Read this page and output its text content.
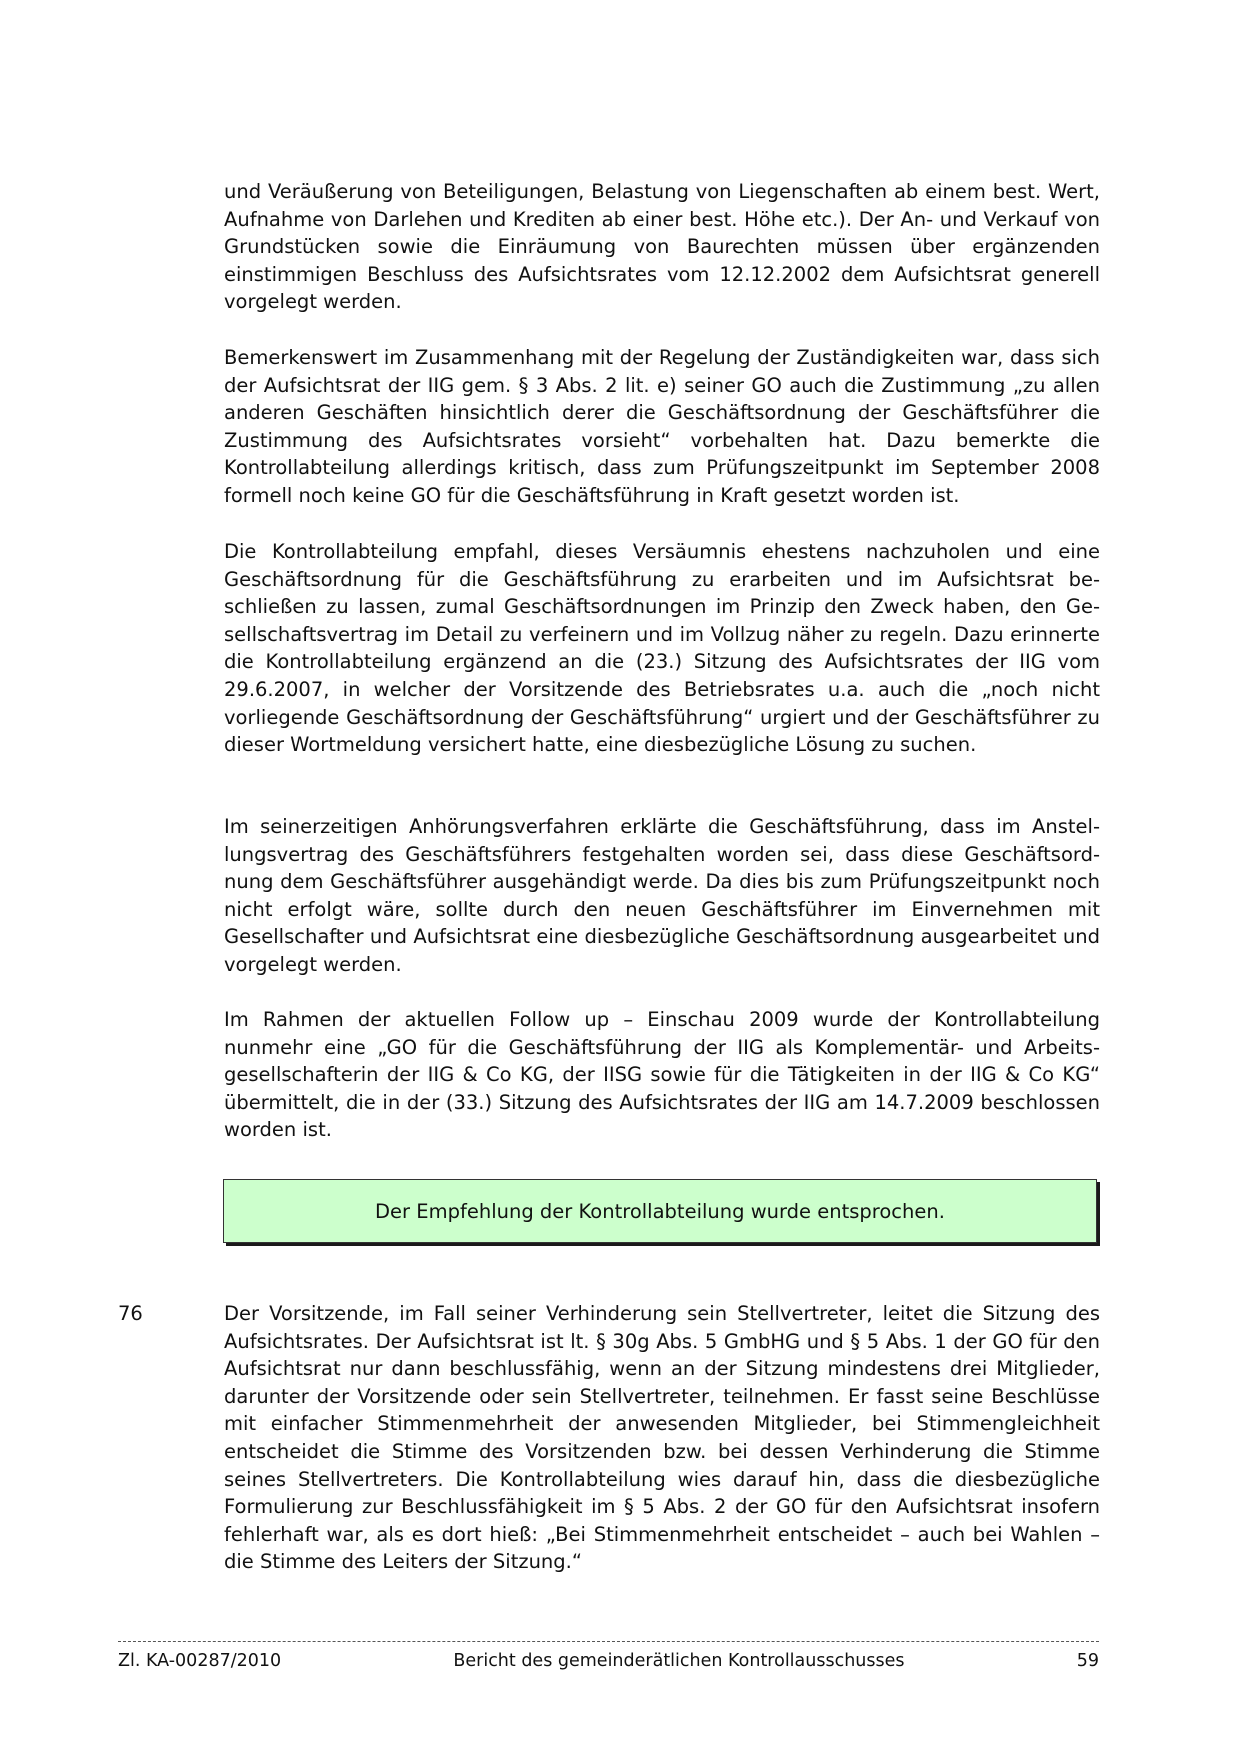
und Veräußerung von Beteiligungen, Belastung von Liegenschaften ab einem best. Wert, Aufnahme von Darlehen und Krediten ab einer best. Höhe etc.). Der An- und Verkauf von Grundstücken sowie die Einräumung von Baurechten müssen über ergänzenden einstimmigen Beschluss des Aufsichtsrates vom 12.12.2002 dem Aufsichtsrat generell vorgelegt werden.

Bemerkenswert im Zusammenhang mit der Regelung der Zuständigkeiten war, dass sich der Aufsichtsrat der IIG gem. § 3 Abs. 2 lit. e) seiner GO auch die Zustimmung „zu allen anderen Geschäften hinsichtlich derer die Geschäftsordnung der Geschäftsführer die Zustimmung des Aufsichtsrates vorsieht“ vorbehalten hat. Dazu bemerkte die Kontrollabteilung allerdings kritisch, dass zum Prüfungszeitpunkt im September 2008 formell noch keine GO für die Geschäftsführung in Kraft gesetzt worden ist.

Die Kontrollabteilung empfahl, dieses Versäumnis ehestens nachzuholen und eine Geschäftsordnung für die Geschäftsführung zu erarbeiten und im Aufsichtsrat beschließen zu lassen, zumal Geschäftsordnungen im Prinzip den Zweck haben, den Gesellschaftsvertrag im Detail zu verfeinern und im Vollzug näher zu regeln. Dazu erinnerte die Kontrollabteilung ergänzend an die (23.) Sitzung des Aufsichtsrates der IIG vom 29.6.2007, in welcher der Vorsitzende des Betriebsrates u.a. auch die „noch nicht vorliegende Geschäftsordnung der Geschäftsführung“ urgiert und der Geschäftsführer zu dieser Wortmeldung versichert hatte, eine diesbezügliche Lösung zu suchen.

Im seinerzeitigen Anhörungsverfahren erklärte die Geschäftsführung, dass im Anstellungsvertrag des Geschäftsführers festgehalten worden sei, dass diese Geschäftsordnung dem Geschäftsführer ausgehändigt werde. Da dies bis zum Prüfungszeitpunkt noch nicht erfolgt wäre, sollte durch den neuen Geschäftsführer im Einvernehmen mit Gesellschafter und Aufsichtsrat eine diesbezügliche Geschäftsordnung ausgearbeitet und vorgelegt werden.

Im Rahmen der aktuellen Follow up – Einschau 2009 wurde der Kontrollabteilung nunmehr eine „GO für die Geschäftsführung der IIG als Komplementär- und Arbeitsgesellschafterin der IIG & Co KG, der IISG sowie für die Tätigkeiten in der IIG & Co KG“ übermittelt, die in der (33.) Sitzung des Aufsichtsrates der IIG am 14.7.2009 beschlossen worden ist.

Der Empfehlung der Kontrollabteilung wurde entsprochen.
76	Der Vorsitzende, im Fall seiner Verhinderung sein Stellvertreter, leitet die Sitzung des Aufsichtsrates. Der Aufsichtsrat ist lt. § 30g Abs. 5 GmbHG und § 5 Abs. 1 der GO für den Aufsichtsrat nur dann beschlussfähig, wenn an der Sitzung mindestens drei Mitglieder, darunter der Vorsitzende oder sein Stellvertreter, teilnehmen. Er fasst seine Beschlüsse mit einfacher Stimmenmehrheit der anwesenden Mitglieder, bei Stimmengleichheit entscheidet die Stimme des Vorsitzenden bzw. bei dessen Verhinderung die Stimme seines Stellvertreters. Die Kontrollabteilung wies darauf hin, dass die diesbezügliche Formulierung zur Beschlussfähigkeit im § 5 Abs. 2 der GO für den Aufsichtsrat insofern fehlerhaft war, als es dort hieß: „Bei Stimmenmehrheit entscheidet – auch bei Wahlen – die Stimme des Leiters der Sitzung.“

Zl. KA-00287/2010	Bericht des gemeinderätlichen Kontrollausschusses	59
